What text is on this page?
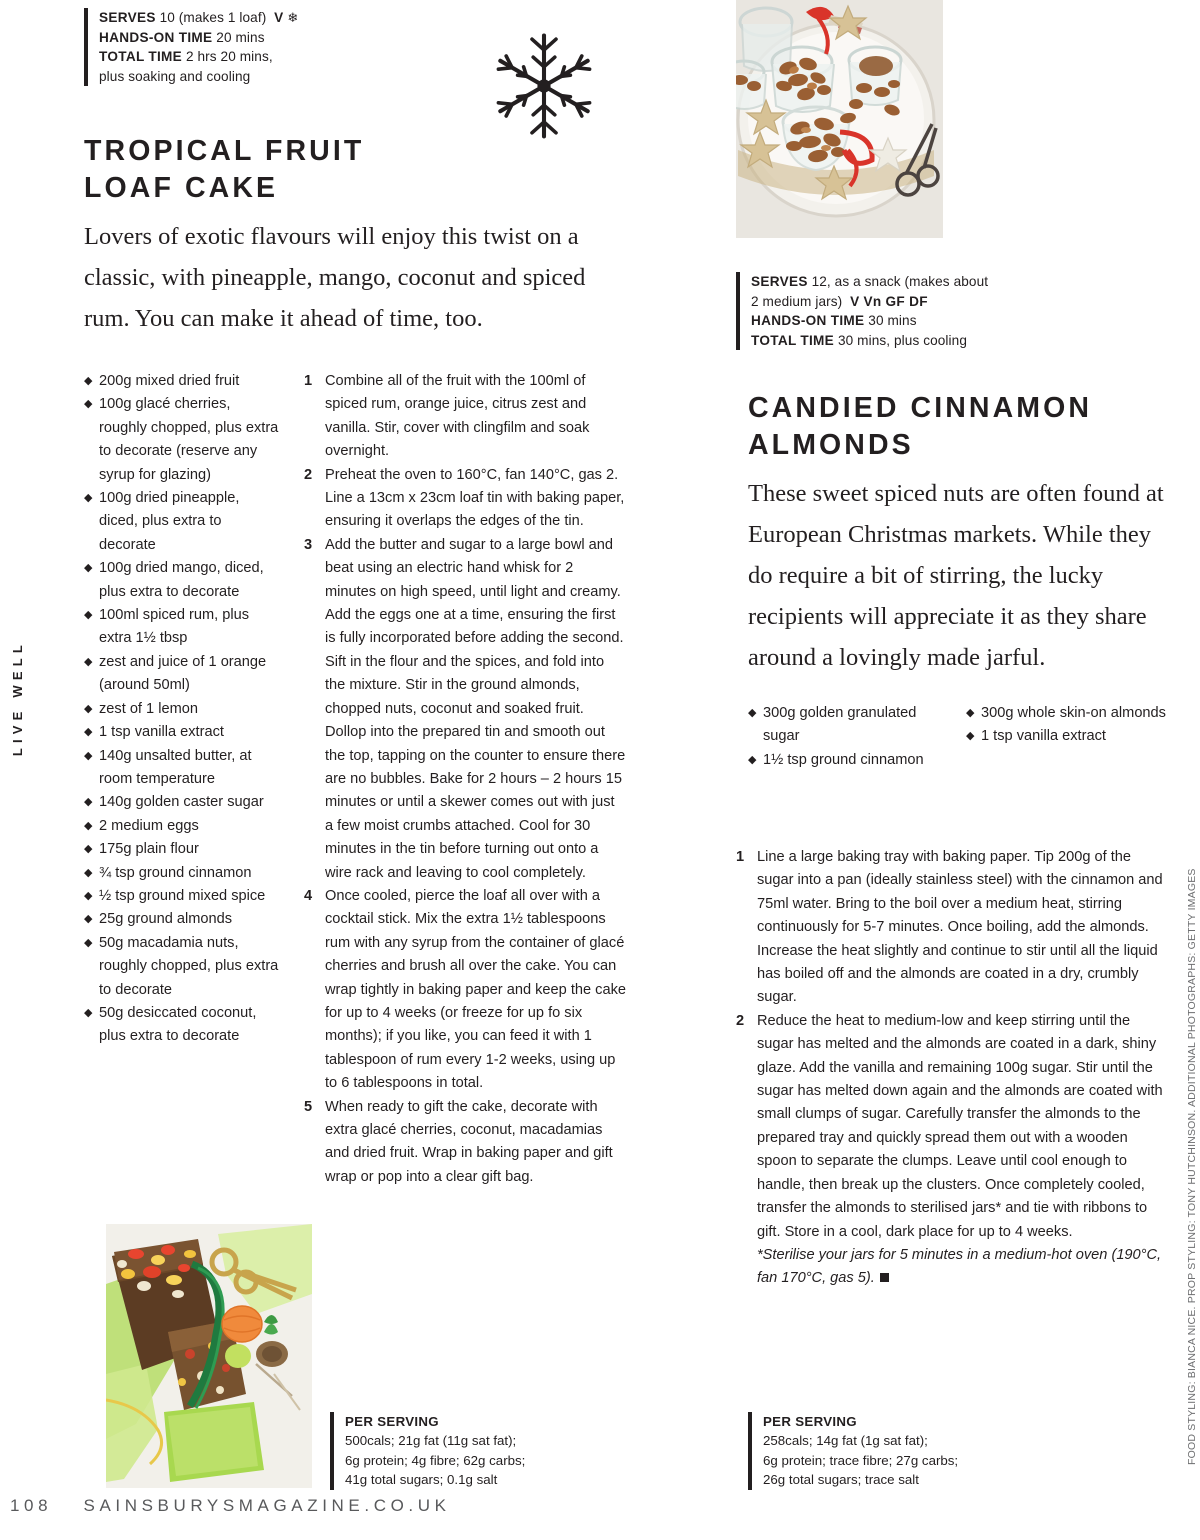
LIVE WELL
FOOD STYLING: BIANCA NICE. PROP STYLING: TONY HUTCHINSON. ADDITIONAL PHOTOGRAPHS: GETTY IMAGES
SERVES 10 (makes 1 loaf) V ❄
HANDS-ON TIME 20 mins
TOTAL TIME 2 hrs 20 mins,
plus soaking and cooling
TROPICAL FRUIT
LOAF CAKE

Lovers of exotic flavours will enjoy this twist on a classic, with pineapple, mango, coconut and spiced rum. You can make it ahead of time, too.

◆ 200g mixed dried fruit
◆ 100g glacé cherries, roughly chopped, plus extra to decorate (reserve any syrup for glazing)
◆ 100g dried pineapple, diced, plus extra to decorate
◆ 100g dried mango, diced, plus extra to decorate
◆ 100ml spiced rum, plus extra 1½ tbsp
◆ zest and juice of 1 orange (around 50ml)
◆ zest of 1 lemon
◆ 1 tsp vanilla extract
◆ 140g unsalted butter, at room temperature
◆ 140g golden caster sugar
◆ 2 medium eggs
◆ 175g plain flour
◆ ¾ tsp ground cinnamon
◆ ½ tsp ground mixed spice
◆ 25g ground almonds
◆ 50g macadamia nuts, roughly chopped, plus extra to decorate
◆ 50g desiccated coconut, plus extra to decorate
1 Combine all of the fruit with the 100ml of spiced rum, orange juice, citrus zest and vanilla. Stir, cover with clingfilm and soak overnight.
2 Preheat the oven to 160°C, fan 140°C, gas 2. Line a 13cm x 23cm loaf tin with baking paper, ensuring it overlaps the edges of the tin.
3 Add the butter and sugar to a large bowl and beat using an electric hand whisk for 2 minutes on high speed, until light and creamy. Add the eggs one at a time, ensuring the first is fully incorporated before adding the second. Sift in the flour and the spices, and fold into the mixture. Stir in the ground almonds, chopped nuts, coconut and soaked fruit. Dollop into the prepared tin and smooth out the top, tapping on the counter to ensure there are no bubbles. Bake for 2 hours – 2 hours 15 minutes or until a skewer comes out with just a few moist crumbs attached. Cool for 30 minutes in the tin before turning out onto a wire rack and leaving to cool completely.
4 Once cooled, pierce the loaf all over with a cocktail stick. Mix the extra 1½ tablespoons rum with any syrup from the container of glacé cherries and brush all over the cake. You can wrap tightly in baking paper and keep the cake for up to 4 weeks (or freeze for up fo six months); if you like, you can feed it with 1 tablespoon of rum every 1-2 weeks, using up to 6 tablespoons in total.
5 When ready to gift the cake, decorate with extra glacé cherries, coconut, macadamias and dried fruit. Wrap in baking paper and gift wrap or pop into a clear gift bag.
PER SERVING
500cals; 21g fat (11g sat fat);
6g protein; 4g fibre; 62g carbs;
41g total sugars; 0.1g salt
SERVES 12, as a snack (makes about
2 medium jars) V Vn GF DF
HANDS-ON TIME 30 mins
TOTAL TIME 30 mins, plus cooling
CANDIED CINNAMON
ALMONDS

These sweet spiced nuts are often found at European Christmas markets. While they do require a bit of stirring, the lucky recipients will appreciate it as they share around a lovingly made jarful.

◆ 300g golden granulated sugar
◆ 1½ tsp ground cinnamon
◆ 300g whole skin-on almonds
◆ 1 tsp vanilla extract
1 Line a large baking tray with baking paper. Tip 200g of the sugar into a pan (ideally stainless steel) with the cinnamon and 75ml water. Bring to the boil over a medium heat, stirring continuously for 5-7 minutes. Once boiling, add the almonds. Increase the heat slightly and continue to stir until all the liquid has boiled off and the almonds are coated in a dry, crumbly sugar.
2 Reduce the heat to medium-low and keep stirring until the sugar has melted and the almonds are coated in a dark, shiny glaze. Add the vanilla and remaining 100g sugar. Stir until the sugar has melted down again and the almonds are coated with small clumps of sugar. Carefully transfer the almonds to the prepared tray and quickly spread them out with a wooden spoon to separate the clumps. Leave until cool enough to handle, then break up the clusters. Once completely cooled, transfer the almonds to sterilised jars* and tie with ribbons to gift. Store in a cool, dark place for up to 4 weeks.
*Sterilise your jars for 5 minutes in a medium-hot oven (190°C, fan 170°C, gas 5).
PER SERVING
258cals; 14g fat (1g sat fat);
6g protein; trace fibre; 27g carbs;
26g total sugars; trace salt
108 SAINSBURYSMAGAZINE.CO.UK
